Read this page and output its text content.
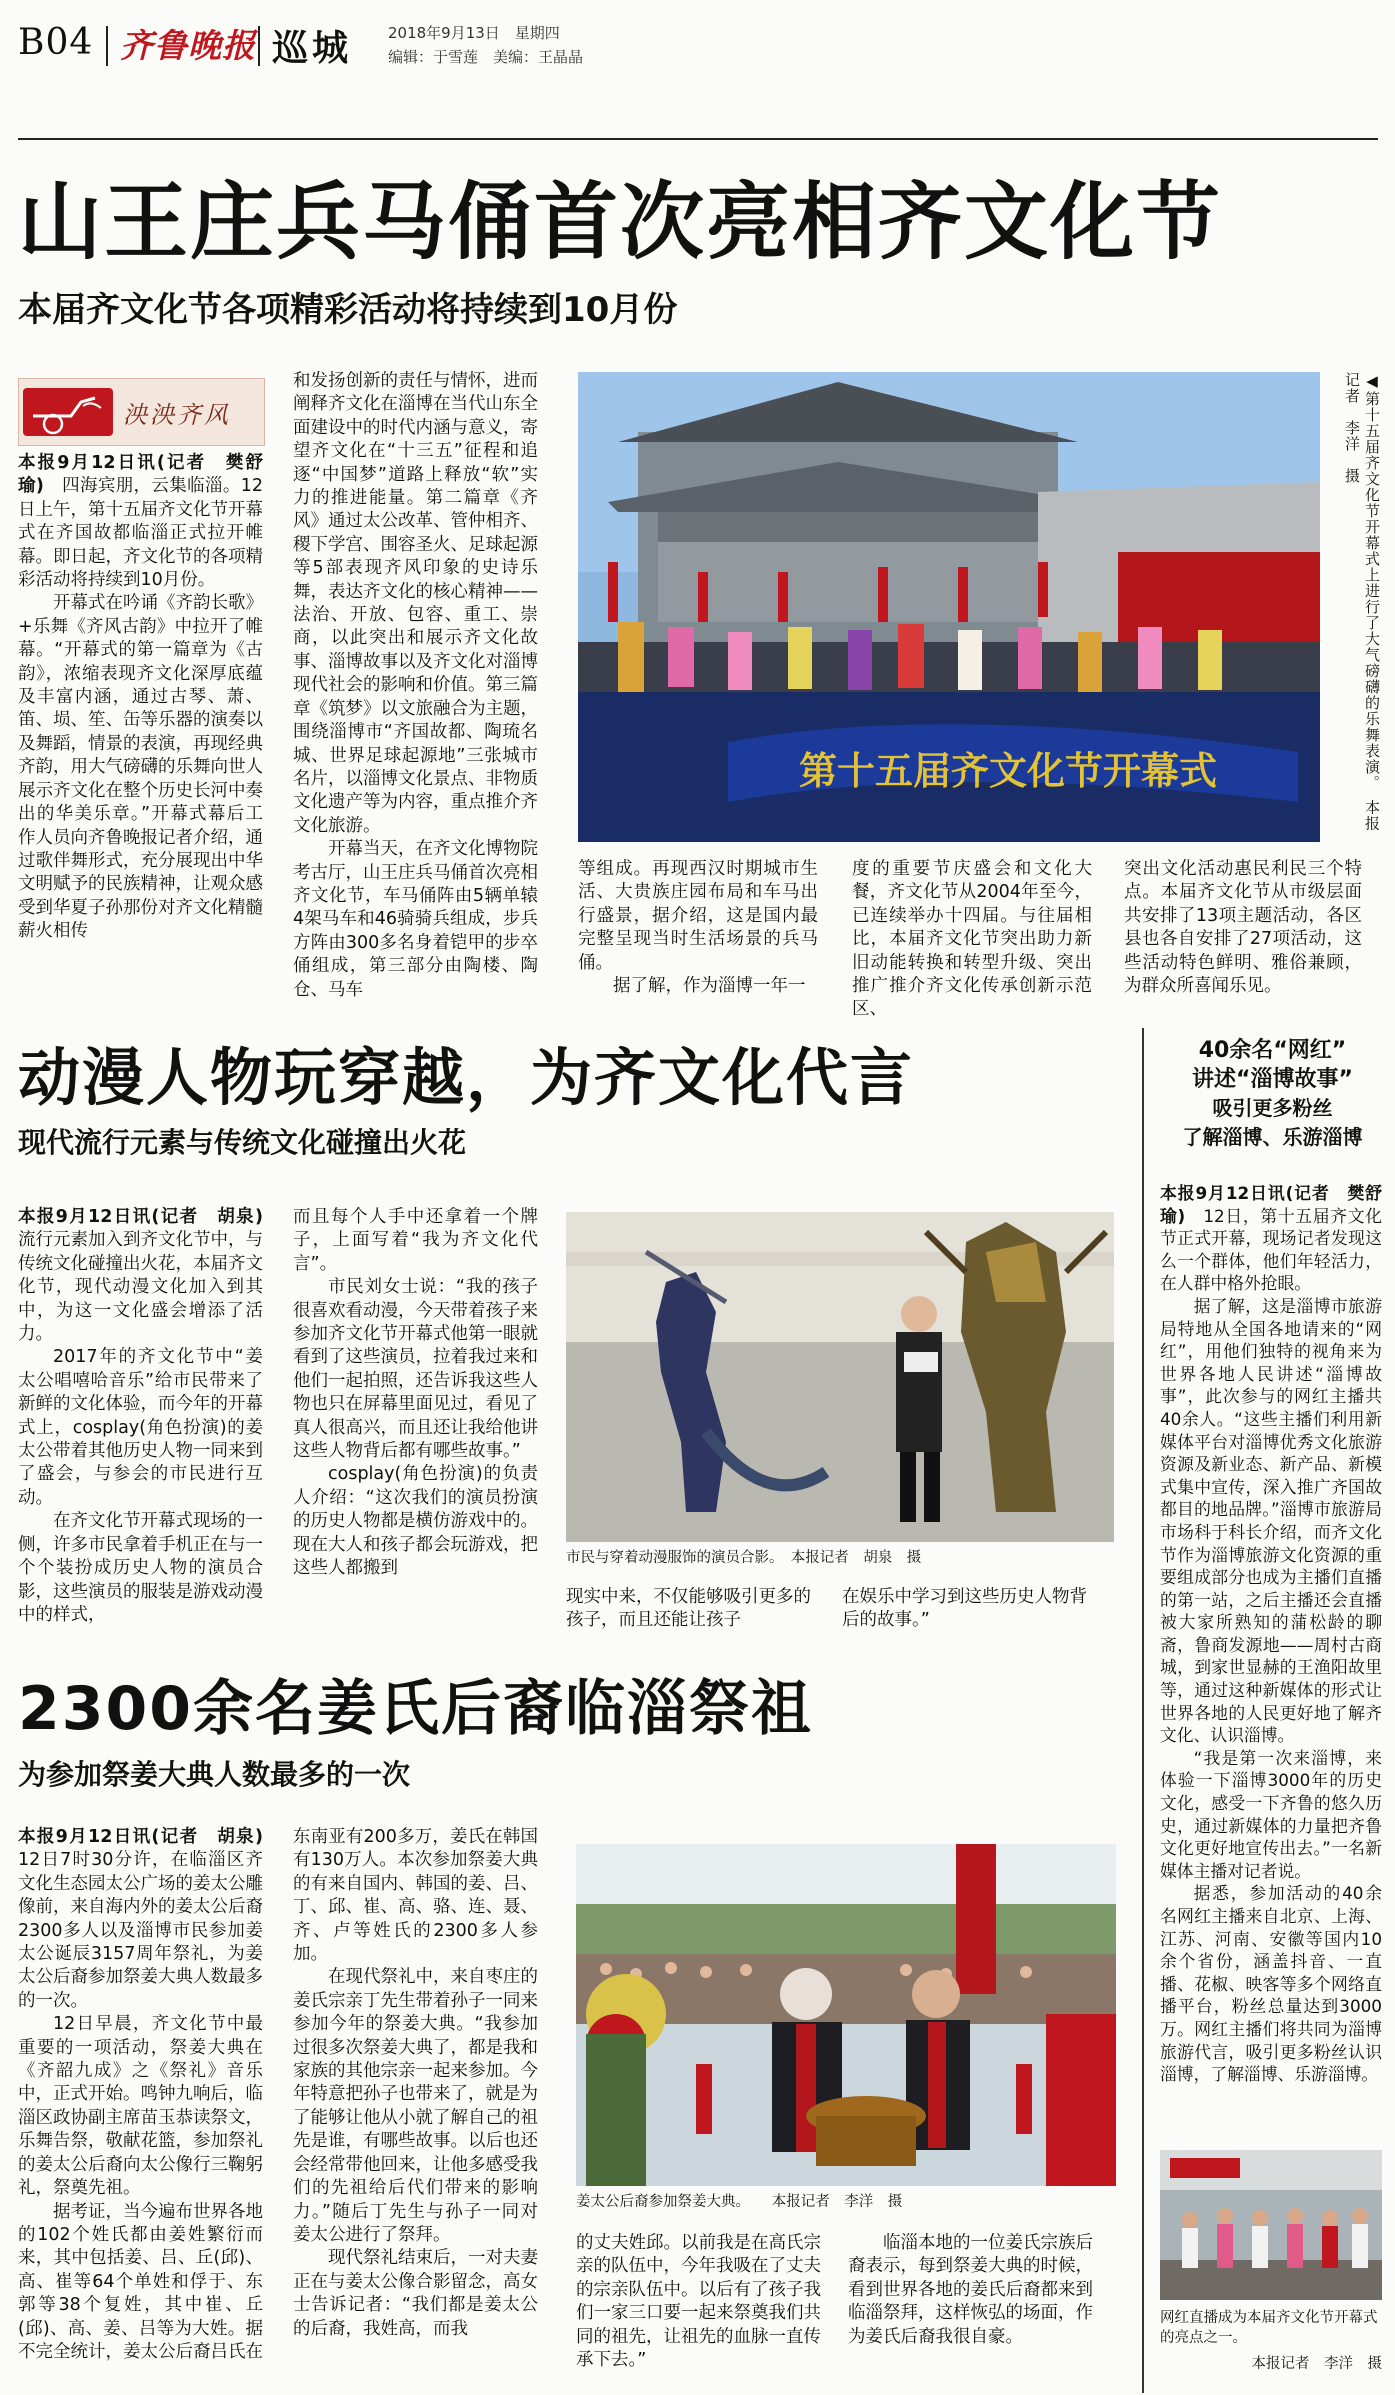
B04 齐鲁晚报 巡城 2018年9月13日　星期四
编辑：于雪莲　美编：王晶晶
山王庄兵马俑首次亮相齐文化节
本届齐文化节各项精彩活动将持续到10月份
泱泱齐风

本报9月12日讯(记者　樊舒瑜)　 四海宾朋，云集临淄。12日上午，第十五届齐文化节开幕式在齐国故都临淄正式拉开帷幕。即日起，齐文化节的各项精彩活动将持续到10月份。

开幕式在吟诵《齐韵长歌》+乐舞《齐风古韵》中拉开了帷幕。“开幕式的第一篇章为《古韵》，浓缩表现齐文化深厚底蕴及丰富内涵，通过古琴、萧、笛、埙、笙、缶等乐器的演奏以及舞蹈，情景的表演，再现经典齐韵，用大气磅礴的乐舞向世人展示齐文化在整个历史长河中奏出的华美乐章。”开幕式幕后工作人员向齐鲁晚报记者介绍，通过歌伴舞形式，充分展现出中华文明赋予的民族精神，让观众感受到华夏子孙那份对齐文化精髓薪火相传

和发扬创新的责任与情怀，进而阐释齐文化在淄博在当代山东全面建设中的时代内涵与意义，寄望齐文化在“十三五”征程和追逐“中国梦”道路上释放“软”实力的推进能量。第二篇章《齐风》通过太公改革、管仲相齐、稷下学宫、围容圣火、足球起源等5部表现齐风印象的史诗乐舞，表达齐文化的核心精神——法治、开放、包容、重工、崇商，以此突出和展示齐文化故事、淄博故事以及齐文化对淄博现代社会的影响和价值。第三篇章《筑梦》以文旅融合为主题，围绕淄博市“齐国故都、陶琉名城、世界足球起源地”三张城市名片，以淄博文化景点、非物质文化遗产等为内容，重点推介齐文化旅游。

开幕当天，在齐文化博物院考古厅，山王庄兵马俑首次亮相齐文化节，车马俑阵由5辆单辕4架马车和46骑骑兵组成，步兵方阵由300多名身着铠甲的步卒俑组成，第三部分由陶楼、陶仓、马车

第十五届齐文化节开幕式	◀第十五届齐文化节开幕式上进行了大气磅礴的乐舞表演。　本报记者　李洋　摄

等组成。再现西汉时期城市生活、大贵族庄园布局和车马出行盛景，据介绍，这是国内最完整呈现当时生活场景的兵马俑。

据了解，作为淄博一年一

度的重要节庆盛会和文化大餐，齐文化节从2004年至今，已连续举办十四届。与往届相比，本届齐文化节突出助力新旧动能转换和转型升级、突出推广推介齐文化传承创新示范区、

突出文化活动惠民利民三个特点。本届齐文化节从市级层面共安排了13项主题活动，各区县也各自安排了27项活动，这些活动特色鲜明、雅俗兼顾，为群众所喜闻乐见。

动漫人物玩穿越，为齐文化代言
现代流行元素与传统文化碰撞出火花

本报9月12日讯(记者　胡泉)　流行元素加入到齐文化节中，与传统文化碰撞出火花，本届齐文化节，现代动漫文化加入到其中，为这一文化盛会增添了活力。

2017年的齐文化节中“姜太公唱嘻哈音乐”给市民带来了新鲜的文化体验，而今年的开幕式上，cosplay(角色扮演)的姜太公带着其他历史人物一同来到了盛会，与参会的市民进行互动。

在齐文化节开幕式现场的一侧，许多市民拿着手机正在与一个个装扮成历史人物的演员合影，这些演员的服装是游戏动漫中的样式，

而且每个人手中还拿着一个牌子，上面写着“我为齐文化代言”。

市民刘女士说：“我的孩子很喜欢看动漫，今天带着孩子来参加齐文化节开幕式他第一眼就看到了这些演员，拉着我过来和他们一起拍照，还告诉我这些人物也只在屏幕里面见过，看见了真人很高兴，而且还让我给他讲这些人物背后都有哪些故事。”

cosplay(角色扮演)的负责人介绍：“这次我们的演员扮演的历史人物都是横仿游戏中的。现在大人和孩子都会玩游戏，把这些人都搬到

市民与穿着动漫服饰的演员合影。　本报记者　胡泉　摄

现实中来，不仅能够吸引更多的孩子，而且还能让孩子

在娱乐中学习到这些历史人物背后的故事。”

40余名“网红”
讲述“淄博故事”
吸引更多粉丝
了解淄博、乐游淄博

本报9月12日讯(记者　樊舒瑜)　 12日，第十五届齐文化节正式开幕，现场记者发现这么一个群体，他们年轻活力，在人群中格外抢眼。

据了解，这是淄博市旅游局特地从全国各地请来的“网红”，用他们独特的视角来为世界各地人民讲述“淄博故事”，此次参与的网红主播共40余人。“这些主播们利用新媒体平台对淄博优秀文化旅游资源及新业态、新产品、新模式集中宣传，深入推广齐国故都目的地品牌。”淄博市旅游局市场科于科长介绍，而齐文化节作为淄博旅游文化资源的重要组成部分也成为主播们直播的第一站，之后主播还会直播被大家所熟知的蒲松龄的聊斋，鲁商发源地——周村古商城，到家世显赫的王渔阳故里等，通过这种新媒体的形式让世界各地的人民更好地了解齐文化、认识淄博。

“我是第一次来淄博，来体验一下淄博3000年的历史文化，感受一下齐鲁的悠久历史，通过新媒体的力量把齐鲁文化更好地宣传出去。”一名新媒体主播对记者说。

据悉，参加活动的40余名网红主播来自北京、上海、江苏、河南、安徽等国内10余个省份，涵盖抖音、一直播、花椒、映客等多个网络直播平台，粉丝总量达到3000万。网红主播们将共同为淄博旅游代言，吸引更多粉丝认识淄博，了解淄博、乐游淄博。

网红直播成为本届齐文化节开幕式的亮点之一。
本报记者　李洋　摄
2300余名姜氏后裔临淄祭祖
为参加祭姜大典人数最多的一次

本报9月12日讯(记者　胡泉)　12日7时30分许，在临淄区齐文化生态园太公广场的姜太公雕像前，来自海内外的姜太公后裔2300多人以及淄博市民参加姜太公诞辰3157周年祭礼，为姜太公后裔参加祭姜大典人数最多的一次。

12日早晨，齐文化节中最重要的一项活动，祭姜大典在《齐韶九成》之《祭礼》音乐中，正式开始。鸣钟九响后，临淄区政协副主席苗玉恭读祭文，乐舞告祭，敬献花篮，参加祭礼的姜太公后裔向太公像行三鞠躬礼，祭奠先祖。

据考证，当今遍布世界各地的102个姓氏都由姜姓繁衍而来，其中包括姜、吕、丘(邱)、高、崔等64个单姓和俘于、东郭等38个复姓，其中崔、丘(邱)、高、姜、吕等为大姓。据不完全统计，姜太公后裔吕氏在

东南亚有200多万，姜氏在韩国有130万人。本次参加祭姜大典的有来自国内、韩国的姜、吕、丁、邱、崔、高、骆、连、聂、齐、卢等姓氏的2300多人参加。

在现代祭礼中，来自枣庄的姜氏宗亲丁先生带着孙子一同来参加今年的祭姜大典。“我参加过很多次祭姜大典了，都是我和家族的其他宗亲一起来参加。今年特意把孙子也带来了，就是为了能够让他从小就了解自己的祖先是谁，有哪些故事。以后也还会经常带他回来，让他多感受我们的先祖给后代们带来的影响力。”随后丁先生与孙子一同对姜太公进行了祭拜。

现代祭礼结束后，一对夫妻正在与姜太公像合影留念，高女士告诉记者：“我们都是姜太公的后裔，我姓高，而我

姜太公后裔参加祭姜大典。　　本报记者　李洋　摄

的丈夫姓邱。以前我是在高氏宗亲的队伍中，今年我吸在了丈夫的宗亲队伍中。以后有了孩子我们一家三口要一起来祭奠我们共同的祖先，让祖先的血脉一直传承下去。”

临淄本地的一位姜氏宗族后裔表示，每到祭姜大典的时候，看到世界各地的姜氏后裔都来到临淄祭拜，这样恢弘的场面，作为姜氏后裔我很自豪。
